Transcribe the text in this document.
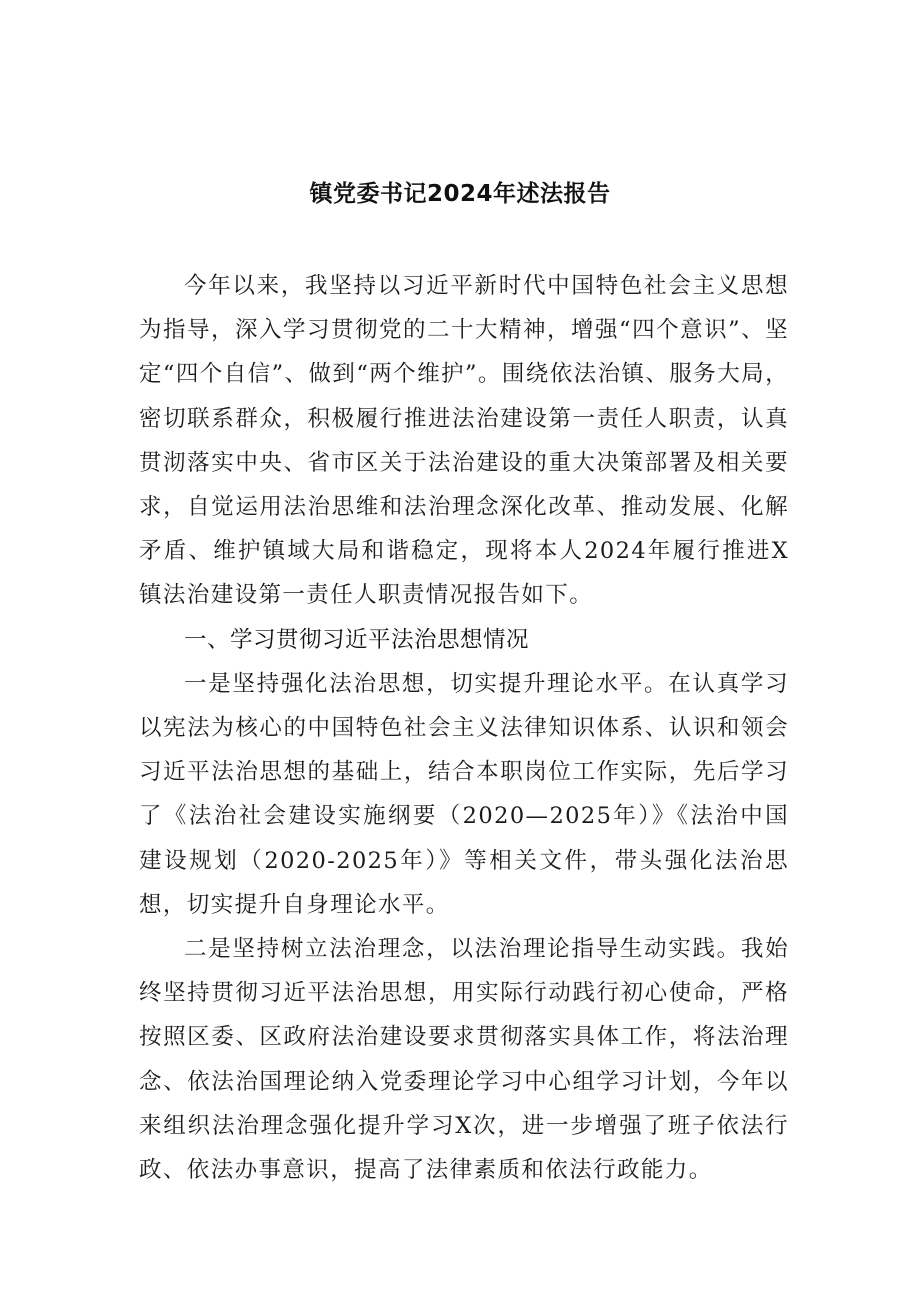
镇党委书记2024年述法报告

今年以来，我坚持以习近平新时代中国特色社会主义思想为指导，深入学习贯彻党的二十大精神，增强“四个意识”、坚定“四个自信”、做到“两个维护”。围绕依法治镇、服务大局，密切联系群众，积极履行推进法治建设第一责任人职责，认真贯沏落实中央、省市区关于法治建设的重大决策部署及相关要求，自觉运用法治思维和法治理念深化改革、推动发展、化解矛盾、维护镇域大局和谐稳定，现将本人2024年履行推进X镇法治建设第一责任人职责情况报告如下。

一、学习贯彻习近平法治思想情况

一是坚持强化法治思想，切实提升理论水平。在认真学习以宪法为核心的中国特色社会主义法律知识体系、认识和领会习近平法治思想的基础上，结合本职岗位工作实际，先后学习了《法治社会建设实施纲要（2020—2025年）》《法治中国建设规划（2020-2025年）》等相关文件，带头强化法治思想，切实提升自身理论水平。

二是坚持树立法治理念，以法治理论指导生动实践。我始终坚持贯彻习近平法治思想，用实际行动践行初心使命，严格按照区委、区政府法治建设要求贯彻落实具体工作，将法治理念、依法治国理论纳入党委理论学习中心组学习计划，今年以来组织法治理念强化提升学习X次，进一步增强了班子依法行政、依法办事意识，提高了法律素质和依法行政能力。
